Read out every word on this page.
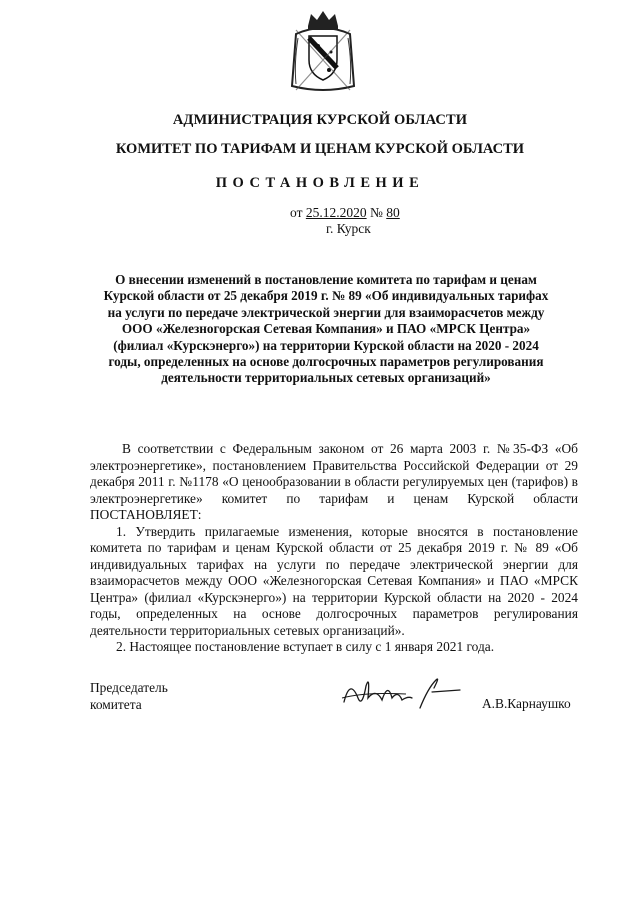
АДМИНИСТРАЦИЯ КУРСКОЙ ОБЛАСТИ
КОМИТЕТ ПО ТАРИФАМ И ЦЕНАМ КУРСКОЙ ОБЛАСТИ
ПОСТАНОВЛЕНИЕ
от 25.12.2020 № 80
г. Курск
О внесении изменений в постановление комитета по тарифам и ценам
Курской области от 25 декабря 2019 г. № 89 «Об индивидуальных тарифах
на услуги по передаче электрической энергии для взаиморасчетов между
ООО «Железногорская Сетевая Компания» и ПАО «МРСК Центра»
(филиал «Курскэнерго») на территории Курской области на 2020 - 2024
годы, определенных на основе долгосрочных параметров регулирования
деятельности территориальных сетевых организаций»

В соответствии с Федеральным законом от 26 марта 2003 г. №35-ФЗ «Об электроэнергетике», постановлением Правительства Российской Федерации от 29 декабря 2011 г. №1178 «О ценообразовании в области регулируемых цен (тарифов) в электроэнергетике» комитет по тарифам и ценам Курской области ПОСТАНОВЛЯЕТ:

1. Утвердить прилагаемые изменения, которые вносятся в постановление комитета по тарифам и ценам Курской области от 25 декабря 2019 г. № 89 «Об индивидуальных тарифах на услуги по передаче электрической энергии для взаиморасчетов между ООО «Железногорская Сетевая Компания» и ПАО «МРСК Центра» (филиал «Курскэнерго») на территории Курской области на 2020 - 2024 годы, определенных на основе долгосрочных параметров регулирования деятельности территориальных сетевых организаций».

2. Настоящее постановление вступает в силу с 1 января 2021 года.

Председатель
комитета	А.В.Карнаушко
